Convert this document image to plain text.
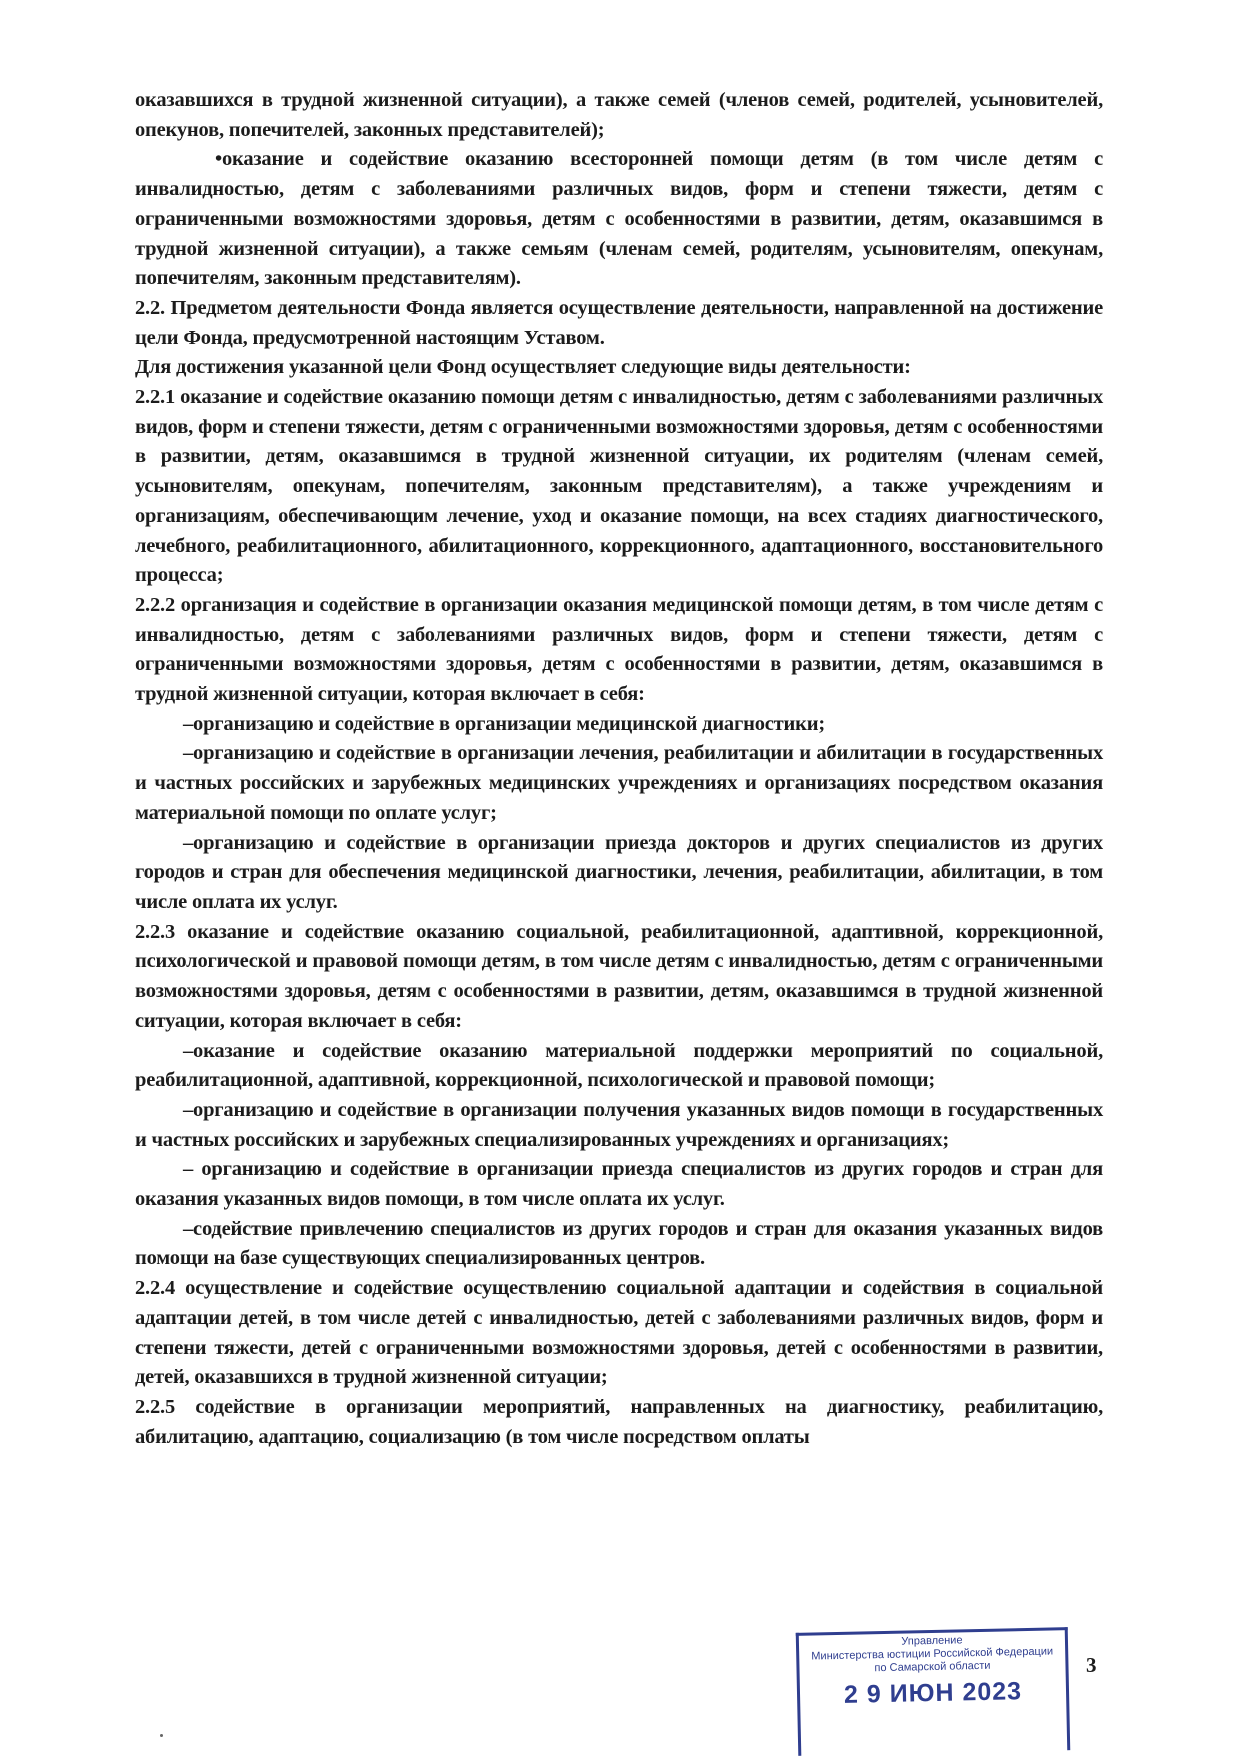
оказавшихся в трудной жизненной ситуации), а также семей (членов семей, родителей, усыновителей, опекунов, попечителей, законных представителей);

•оказание и содействие оказанию всесторонней помощи детям (в том числе детям с инвалидностью, детям с заболеваниями различных видов, форм и степени тяжести, детям с ограниченными возможностями здоровья, детям с особенностями в развитии, детям, оказавшимся в трудной жизненной ситуации), а также семьям (членам семей, родителям, усыновителям, опекунам, попечителям, законным представителям).

2.2. Предметом деятельности Фонда является осуществление деятельности, направленной на достижение цели Фонда, предусмотренной настоящим Уставом.

Для достижения указанной цели Фонд осуществляет следующие виды деятельности:

2.2.1 оказание и содействие оказанию помощи детям с инвалидностью, детям с заболеваниями различных видов, форм и степени тяжести, детям с ограниченными возможностями здоровья, детям с особенностями в развитии, детям, оказавшимся в трудной жизненной ситуации, их родителям (членам семей, усыновителям, опекунам, попечителям, законным представителям), а также учреждениям и организациям, обеспечивающим лечение, уход и оказание помощи, на всех стадиях диагностического, лечебного, реабилитационного, абилитационного, коррекционного, адаптационного, восстановительного процесса;

2.2.2 организация и содействие в организации оказания медицинской помощи детям, в том числе детям с инвалидностью, детям с заболеваниями различных видов, форм и степени тяжести, детям с ограниченными возможностями здоровья, детям с особенностями в развитии, детям, оказавшимся в трудной жизненной ситуации, которая включает в себя:

–организацию и содействие в организации медицинской диагностики;

–организацию и содействие в организации лечения, реабилитации и абилитации в государственных и частных российских и зарубежных медицинских учреждениях и организациях посредством оказания материальной помощи по оплате услуг;

–организацию и содействие в организации приезда докторов и других специалистов из других городов и стран для обеспечения медицинской диагностики, лечения, реабилитации, абилитации, в том числе оплата их услуг.

2.2.3 оказание и содействие оказанию социальной, реабилитационной, адаптивной, коррекционной, психологической и правовой помощи детям, в том числе детям с инвалидностью, детям с ограниченными возможностями здоровья, детям с особенностями в развитии, детям, оказавшимся в трудной жизненной ситуации, которая включает в себя:

–оказание и содействие оказанию материальной поддержки мероприятий по социальной, реабилитационной, адаптивной, коррекционной, психологической и правовой помощи;

–организацию и содействие в организации получения указанных видов помощи в государственных и частных российских и зарубежных специализированных учреждениях и организациях;

– организацию и содействие в организации приезда специалистов из других городов и стран для оказания указанных видов помощи, в том числе оплата их услуг.

–содействие привлечению специалистов из других городов и стран для оказания указанных видов помощи на базе существующих специализированных центров.

2.2.4 осуществление и содействие осуществлению социальной адаптации и содействия в социальной адаптации детей, в том числе детей с инвалидностью, детей с заболеваниями различных видов, форм и степени тяжести, детей с ограниченными возможностями здоровья, детей с особенностями в развитии, детей, оказавшихся в трудной жизненной ситуации;

2.2.5 содействие в организации мероприятий, направленных на диагностику, реабилитацию, абилитацию, адаптацию, социализацию (в том числе посредством оплаты

3
Управление
Министерства юстиции Российской Федерации
по Самарской области
2 9 ИЮН 2023
